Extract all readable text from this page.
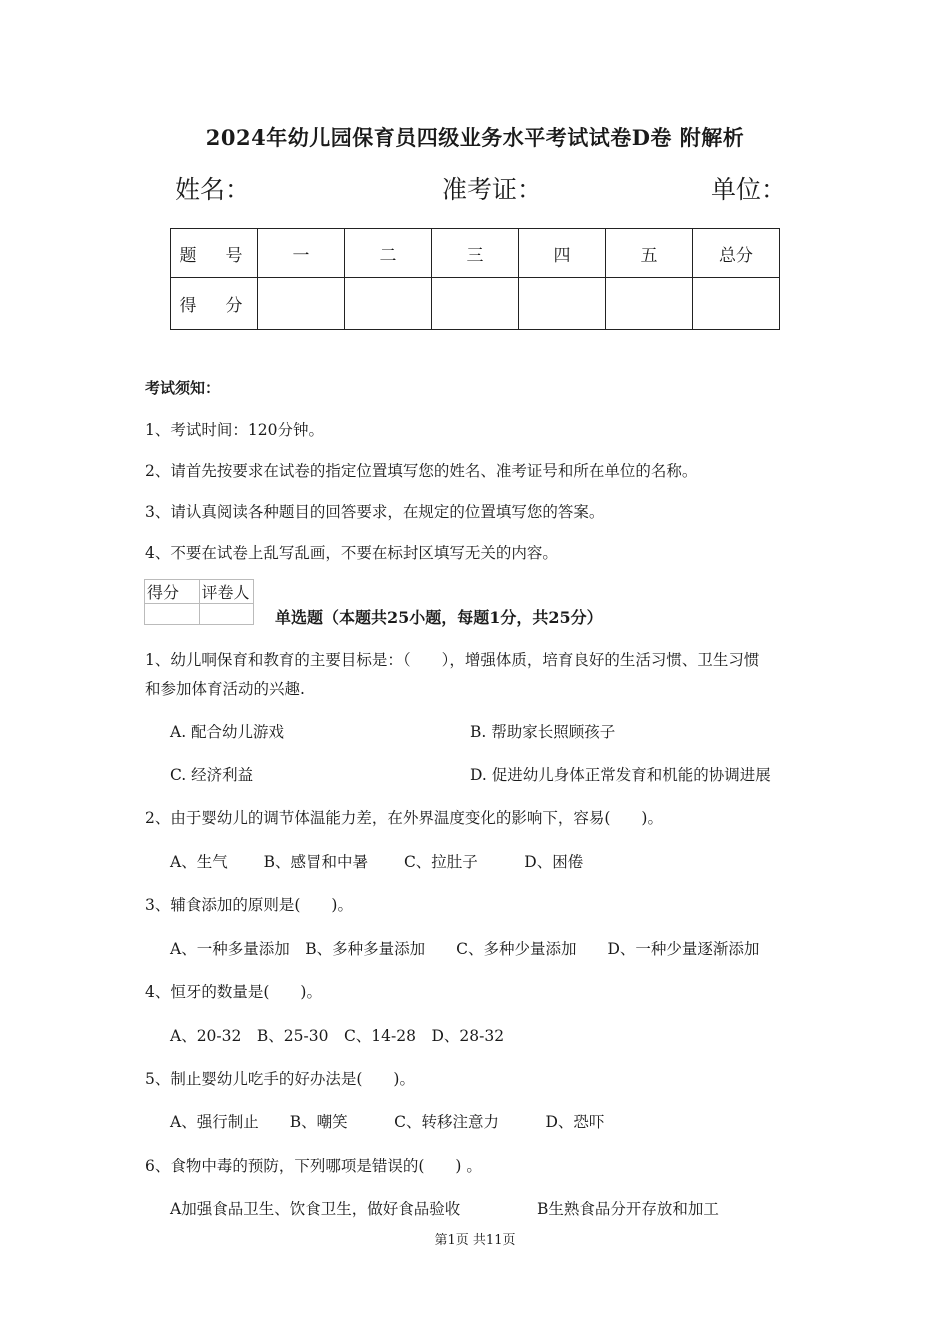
2024年幼儿园保育员四级业务水平考试试卷D卷 附解析
姓名：	准考证：	单位：
题　号	一	二	三	四	五	总分
得　分						
考试须知：
1、考试时间：120分钟。
2、请首先按要求在试卷的指定位置填写您的姓名、准考证号和所在单位的名称。
3、请认真阅读各种题目的回答要求，在规定的位置填写您的答案。
4、不要在试卷上乱写乱画，不要在标封区填写无关的内容。
得分	评卷人

单选题（本题共25小题，每题1分，共25分）
1、幼儿哃保育和教育的主要目标是：（　　），增强体质，培育良好的生活习惯、卫生习惯
和参加体育活动的兴趣.
A. 配合幼儿游戏	B. 帮助家长照顾孩子
C. 经济利益	D. 促进幼儿身体正常发育和机能的协调进展
2、由于婴幼儿的调节体温能力差，在外界温度变化的影响下，容易(　　)。
A、生气　　 B、感冒和中暑　　 C、拉肚子　　　D、困倦
3、辅食添加的原则是(　　)。
A、一种多量添加　B、多种多量添加　　C、多种少量添加　　D、一种少量逐渐添加
4、恒牙的数量是(　　)。
A、20-32　B、25-30　C、14-28　D、28-32
5、制止婴幼儿吃手的好办法是(　　)。
A、强行制止　　B、嘲笑　　　C、转移注意力　　　D、恐吓
6、食物中毒的预防，下列哪项是错误的(　　) 。
A加强食品卫生、饮食卫生，做好食品验收	B生熟食品分开存放和加工
第1页 共11页
